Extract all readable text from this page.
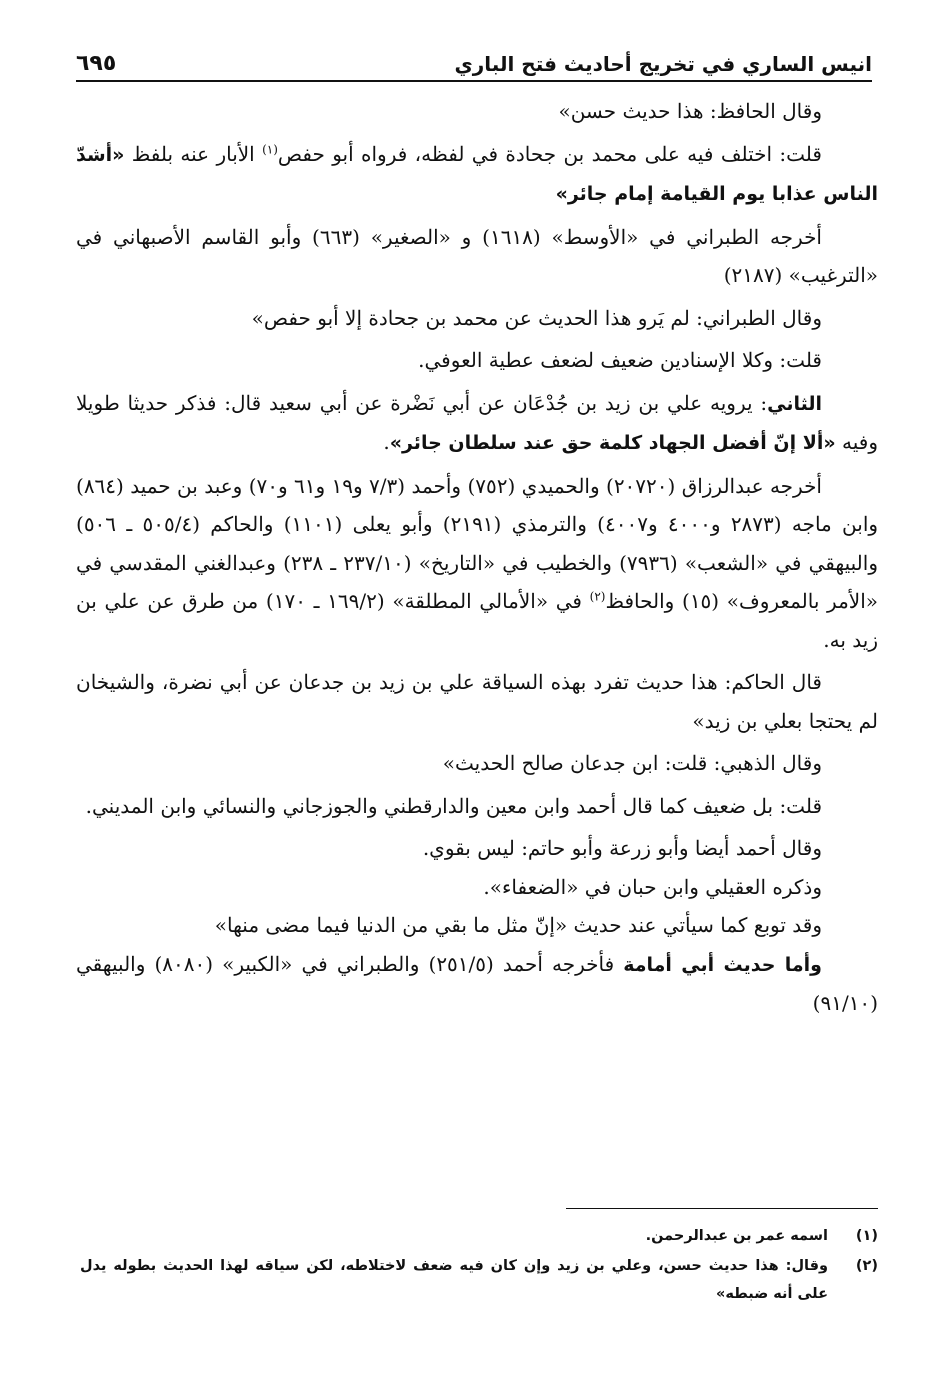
انيس الساري في تخريج أحاديث فتح الباري
٦٩٥

وقال الحافظ: هذا حديث حسن»

قلت: اختلف فيه على محمد بن جحادة في لفظه، فرواه أبو حفص$^{(١)}$ الأبار عنه بلفظ «أشدّ الناس عذابا يوم القيامة إمام جائر»

أخرجه الطبراني في «الأوسط» (١٦١٨) و «الصغير» (٦٦٣) وأبو القاسم الأصبهاني في «الترغيب» (٢١٨٧)

وقال الطبراني: لم يَرو هذا الحديث عن محمد بن جحادة إلا أبو حفص»

قلت: وكلا الإسنادين ضعيف لضعف عطية العوفي.

الثاني: يرويه علي بن زيد بن جُدْعَان عن أبي نَضْرة عن أبي سعيد قال: فذكر حديثا طويلا وفيه «ألا إنّ أفضل الجهاد كلمة حق عند سلطان جائر».

أخرجه عبدالرزاق (٢٠٧٢٠) والحميدي (٧٥٢) وأحمد (٧/٣ و١٩ و٦١ و٧٠) وعبد بن حميد (٨٦٤) وابن ماجه (٢٨٧٣ و٤٠٠٠ و٤٠٠٧) والترمذي (٢١٩١) وأبو يعلى (١١٠١) والحاكم (٥٠٥/٤ ـ ٥٠٦) والبيهقي في «الشعب» (٧٩٣٦) والخطيب في «التاريخ» (٢٣٧/١٠ ـ ٢٣٨) وعبدالغني المقدسي في «الأمر بالمعروف» (١٥) والحافظ$^{(٢)}$ في «الأمالي المطلقة» (١٦٩/٢ ـ ١٧٠) من طرق عن علي بن زيد به.

قال الحاكم: هذا حديث تفرد بهذه السياقة علي بن زيد بن جدعان عن أبي نضرة، والشيخان لم يحتجا بعلي بن زيد»

وقال الذهبي: قلت: ابن جدعان صالح الحديث»

قلت: بل ضعيف كما قال أحمد وابن معين والدارقطني والجوزجاني والنسائي وابن المديني.

وقال أحمد أيضا وأبو زرعة وأبو حاتم: ليس بقوي.

وذكره العقيلي وابن حبان في «الضعفاء».

وقد توبع كما سيأتي عند حديث «إنّ مثل ما بقي من الدنيا فيما مضى منها»

وأما حديث أبي أمامة فأخرجه أحمد (٢٥١/٥) والطبراني في «الكبير» (٨٠٨٠) والبيهقي (٩١/١٠)

(١)
اسمه عمر بن عبدالرحمن.
(٢)
وقال: هذا حديث حسن، وعلي بن زيد وإن كان فيه ضعف لاختلاطه، لكن سياقه لهذا الحديث بطوله يدل على أنه ضبطه»
